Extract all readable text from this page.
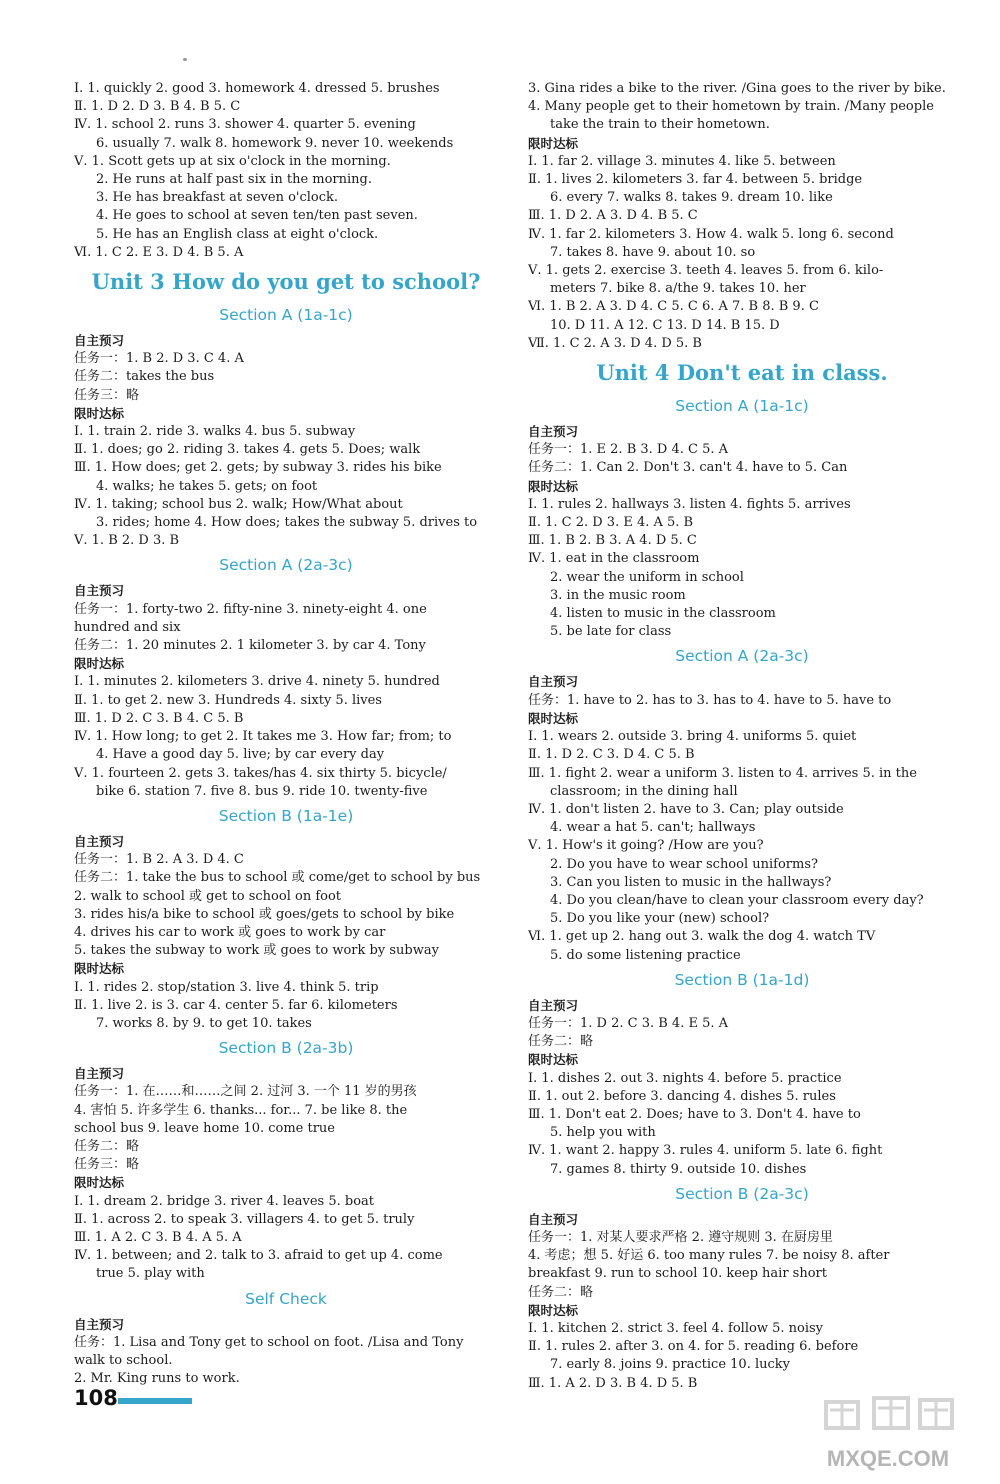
Ⅰ. 1. quickly 2. good 3. homework 4. dressed 5. brushes
Ⅱ. 1. D 2. D 3. B 4. B 5. C
Ⅳ. 1. school 2. runs 3. shower 4. quarter 5. evening
6. usually 7. walk 8. homework 9. never 10. weekends
Ⅴ. 1. Scott gets up at six o'clock in the morning.
2. He runs at half past six in the morning.
3. He has breakfast at seven o'clock.
4. He goes to school at seven ten/ten past seven.
5. He has an English class at eight o'clock.
Ⅵ. 1. C 2. E 3. D 4. B 5. A
Unit 3 How do you get to school?
Section A (1a-1c)
自主预习
任务一：1. B 2. D 3. C 4. A
任务二：takes the bus
任务三：略
限时达标
Ⅰ. 1. train 2. ride 3. walks 4. bus 5. subway
Ⅱ. 1. does; go 2. riding 3. takes 4. gets 5. Does; walk
Ⅲ. 1. How does; get 2. gets; by subway 3. rides his bike
4. walks; he takes 5. gets; on foot
Ⅳ. 1. taking; school bus 2. walk; How/What about
3. rides; home 4. How does; takes the subway 5. drives to
Ⅴ. 1. B 2. D 3. B
Section A (2a-3c)
自主预习
任务一：1. forty-two 2. fifty-nine 3. ninety-eight 4. one
hundred and six
任务二：1. 20 minutes 2. 1 kilometer 3. by car 4. Tony
限时达标
Ⅰ. 1. minutes 2. kilometers 3. drive 4. ninety 5. hundred
Ⅱ. 1. to get 2. new 3. Hundreds 4. sixty 5. lives
Ⅲ. 1. D 2. C 3. B 4. C 5. B
Ⅳ. 1. How long; to get 2. It takes me 3. How far; from; to
4. Have a good day 5. live; by car every day
Ⅴ. 1. fourteen 2. gets 3. takes/has 4. six thirty 5. bicycle/
bike 6. station 7. five 8. bus 9. ride 10. twenty-five
Section B (1a-1e)
自主预习
任务一：1. B 2. A 3. D 4. C
任务二：1. take the bus to school 或 come/get to school by bus
2. walk to school 或 get to school on foot
3. rides his/a bike to school 或 goes/gets to school by bike
4. drives his car to work 或 goes to work by car
5. takes the subway to work 或 goes to work by subway
限时达标
Ⅰ. 1. rides 2. stop/station 3. live 4. think 5. trip
Ⅱ. 1. live 2. is 3. car 4. center 5. far 6. kilometers
7. works 8. by 9. to get 10. takes
Section B (2a-3b)
自主预习
任务一：1. 在……和……之间 2. 过河 3. 一个 11 岁的男孩
4. 害怕 5. 许多学生 6. thanks... for... 7. be like 8. the
school bus 9. leave home 10. come true
任务二：略
任务三：略
限时达标
Ⅰ. 1. dream 2. bridge 3. river 4. leaves 5. boat
Ⅱ. 1. across 2. to speak 3. villagers 4. to get 5. truly
Ⅲ. 1. A 2. C 3. B 4. A 5. A
Ⅳ. 1. between; and 2. talk to 3. afraid to get up 4. come
true 5. play with
Self Check
自主预习
任务：1. Lisa and Tony get to school on foot. /Lisa and Tony
walk to school.
2. Mr. King runs to work.
3. Gina rides a bike to the river. /Gina goes to the river by bike.
4. Many people get to their hometown by train. /Many people
take the train to their hometown.
限时达标
Ⅰ. 1. far 2. village 3. minutes 4. like 5. between
Ⅱ. 1. lives 2. kilometers 3. far 4. between 5. bridge
6. every 7. walks 8. takes 9. dream 10. like
Ⅲ. 1. D 2. A 3. D 4. B 5. C
Ⅳ. 1. far 2. kilometers 3. How 4. walk 5. long 6. second
7. takes 8. have 9. about 10. so
Ⅴ. 1. gets 2. exercise 3. teeth 4. leaves 5. from 6. kilo-
meters 7. bike 8. a/the 9. takes 10. her
Ⅵ. 1. B 2. A 3. D 4. C 5. C 6. A 7. B 8. B 9. C
10. D 11. A 12. C 13. D 14. B 15. D
Ⅶ. 1. C 2. A 3. D 4. D 5. B
Unit 4 Don't eat in class.
Section A (1a-1c)
自主预习
任务一：1. E 2. B 3. D 4. C 5. A
任务二：1. Can 2. Don't 3. can't 4. have to 5. Can
限时达标
Ⅰ. 1. rules 2. hallways 3. listen 4. fights 5. arrives
Ⅱ. 1. C 2. D 3. E 4. A 5. B
Ⅲ. 1. B 2. B 3. A 4. D 5. C
Ⅳ. 1. eat in the classroom
2. wear the uniform in school
3. in the music room
4. listen to music in the classroom
5. be late for class
Section A (2a-3c)
自主预习
任务：1. have to 2. has to 3. has to 4. have to 5. have to
限时达标
Ⅰ. 1. wears 2. outside 3. bring 4. uniforms 5. quiet
Ⅱ. 1. D 2. C 3. D 4. C 5. B
Ⅲ. 1. fight 2. wear a uniform 3. listen to 4. arrives 5. in the
classroom; in the dining hall
Ⅳ. 1. don't listen 2. have to 3. Can; play outside
4. wear a hat 5. can't; hallways
Ⅴ. 1. How's it going? /How are you?
2. Do you have to wear school uniforms?
3. Can you listen to music in the hallways?
4. Do you clean/have to clean your classroom every day?
5. Do you like your (new) school?
Ⅵ. 1. get up 2. hang out 3. walk the dog 4. watch TV
5. do some listening practice
Section B (1a-1d)
自主预习
任务一：1. D 2. C 3. B 4. E 5. A
任务二：略
限时达标
Ⅰ. 1. dishes 2. out 3. nights 4. before 5. practice
Ⅱ. 1. out 2. before 3. dancing 4. dishes 5. rules
Ⅲ. 1. Don't eat 2. Does; have to 3. Don't 4. have to
5. help you with
Ⅳ. 1. want 2. happy 3. rules 4. uniform 5. late 6. fight
7. games 8. thirty 9. outside 10. dishes
Section B (2a-3c)
自主预习
任务一：1. 对某人要求严格 2. 遵守规则 3. 在厨房里
4. 考虑；想 5. 好运 6. too many rules 7. be noisy 8. after
breakfast 9. run to school 10. keep hair short
任务二：略
限时达标
Ⅰ. 1. kitchen 2. strict 3. feel 4. follow 5. noisy
Ⅱ. 1. rules 2. after 3. on 4. for 5. reading 6. before
7. early 8. joins 9. practice 10. lucky
Ⅲ. 1. A 2. D 3. B 4. D 5. B
108
MXQE.COM
